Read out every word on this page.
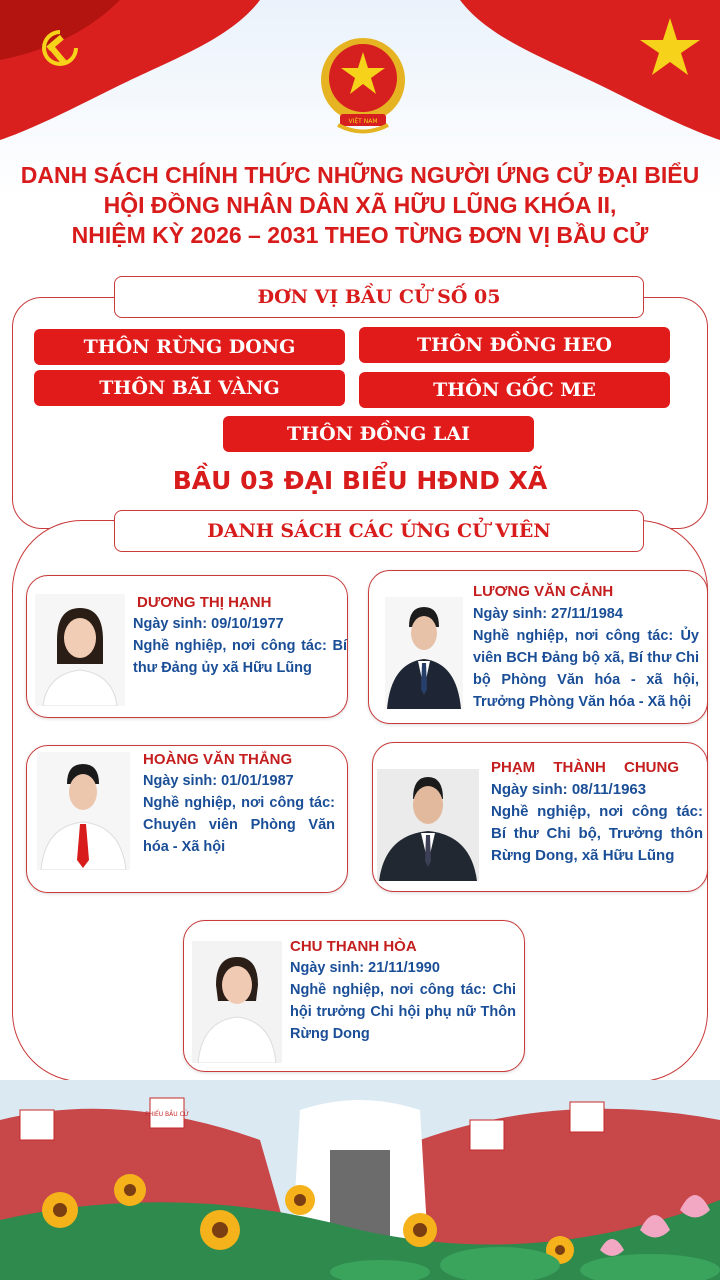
VIỆT NAM
DANH SÁCH CHÍNH THỨC NHỮNG NGƯỜI ỨNG CỬ ĐẠI BIỂU
HỘI ĐỒNG NHÂN DÂN XÃ HỮU LŨNG KHÓA II,
NHIỆM KỲ 2026 – 2031 THEO TỪNG ĐƠN VỊ BẦU CỬ
ĐƠN VỊ BẦU CỬ SỐ 05
THÔN RỪNG DONG	THÔN ĐỒNG HEO
THÔN BÃI VÀNG	THÔN GỐC ME
THÔN ĐỒNG LAI
BẦU 03 ĐẠI BIỂU HĐND XÃ
DANH SÁCH CÁC ỨNG CỬ VIÊN
DƯƠNG THỊ HẠNH
Ngày sinh: 09/10/1977
Nghề nghiệp, nơi công tác: Bí thư Đảng ủy xã Hữu Lũng
LƯƠNG VĂN CẢNH
Ngày sinh: 27/11/1984
Nghề nghiệp, nơi công tác: Ủy viên BCH Đảng bộ xã, Bí thư Chi bộ Phòng Văn hóa - xã hội, Trưởng Phòng Văn hóa - Xã hội
HOÀNG VĂN THẮNG
Ngày sinh: 01/01/1987
Nghề nghiệp, nơi công tác: Chuyên viên Phòng Văn hóa - Xã hội
PHẠM THÀNH CHUNG
Ngày sinh: 08/11/1963
Nghề nghiệp, nơi công tác: Bí thư Chi bộ, Trưởng thôn Rừng Dong, xã Hữu Lũng
CHU THANH HÒA
Ngày sinh: 21/11/1990
Nghề nghiệp, nơi công tác: Chi hội trưởng Chi hội phụ nữ Thôn Rừng Dong
PHIẾU BẦU CỬ
